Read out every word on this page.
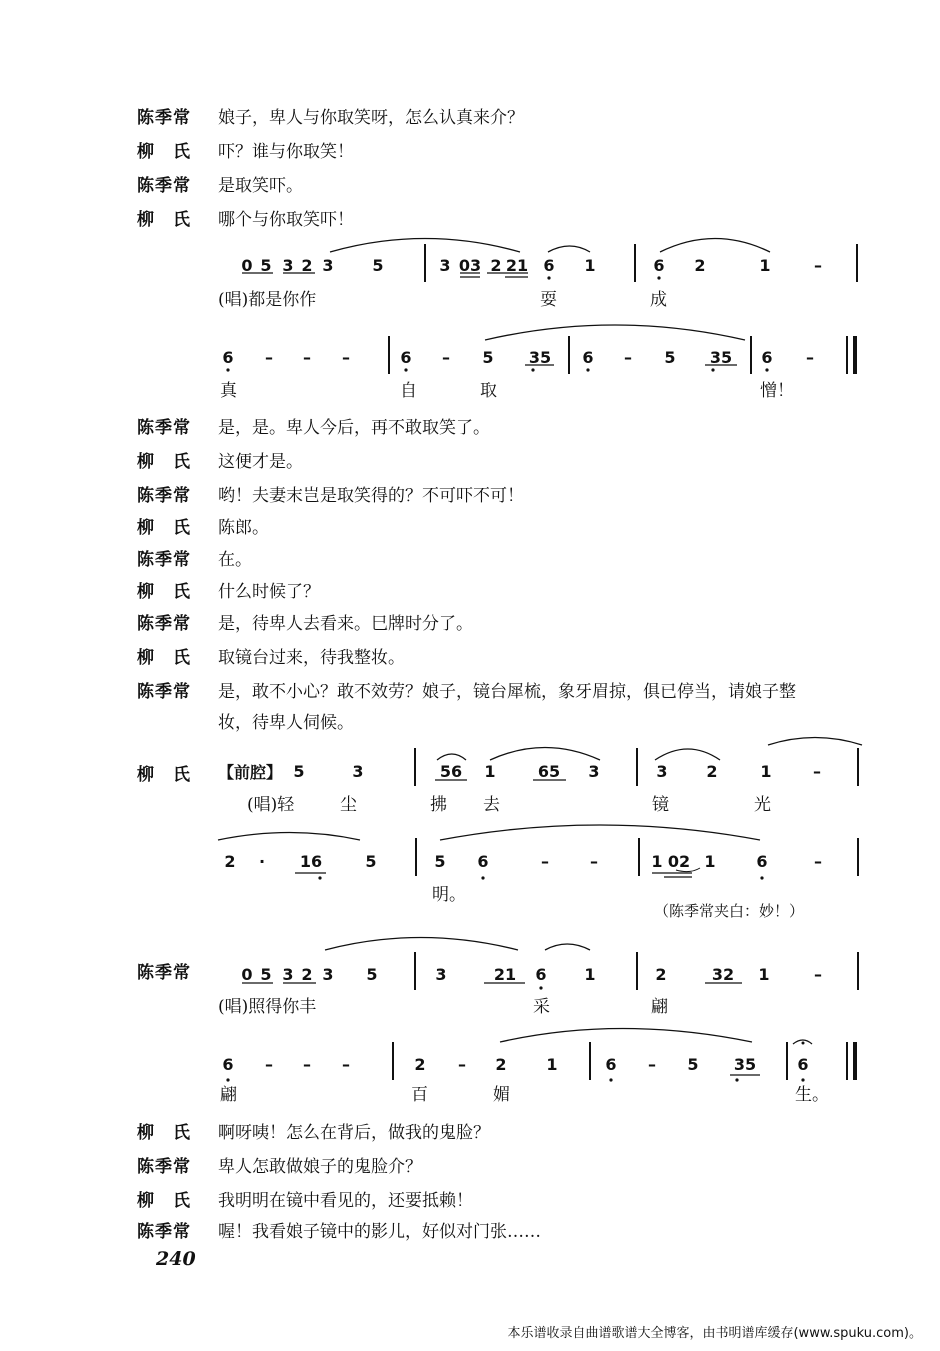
陈季常 娘子，卑人与你取笑呀，怎么认真来介？
柳　氏 吓？谁与你取笑！
陈季常 是取笑吓。
柳　氏 哪个与你取笑吓！
0 5 3 2 3	5	3 03 2 21 6	1	6	2	1	–
(唱)都是你作	耍	成
6	–	–	–	6	–	5	35	6	–	5	35	6	–
真	自	取	憎！
陈季常 是，是。卑人今后，再不敢取笑了。
柳　氏 这便才是。
陈季常 哟！夫妻末岂是取笑得的？不可吓不可！
柳　氏 陈郎。
陈季常 在。
柳　氏 什么时候了？
陈季常 是，待卑人去看来。巳牌时分了。
柳　氏 取镜台过来，待我整妆。
陈季常 是，敢不小心？敢不效劳？娘子，镜台犀梳，象牙眉掠，俱已停当，请娘子整
妆，待卑人伺候。
柳　氏 【前腔】 5	3	56	1	65	3	3	2	1	–
(唱)轻	尘	拂 去	镜	光
2	·	16	5	5	6	–	–	1 02 1	6	–
明。
（陈季常夹白：妙！）
陈季常	0 5 3 2 3	5	3	21	6	1	2	32	1	–
(唱)照得你丰	采	翩
6	–	–	–	2	–	2	1	6	–	5	35	6
翩	百	媚	生。
柳　氏 啊呀咦！怎么在背后，做我的鬼脸？
陈季常 卑人怎敢做娘子的鬼脸介？
柳　氏 我明明在镜中看见的，还要抵赖！
陈季常 喔！我看娘子镜中的影儿，好似对门张……
240
本乐谱收录自曲谱歌谱大全博客，由书明谱库缓存(www.spuku.com)。
